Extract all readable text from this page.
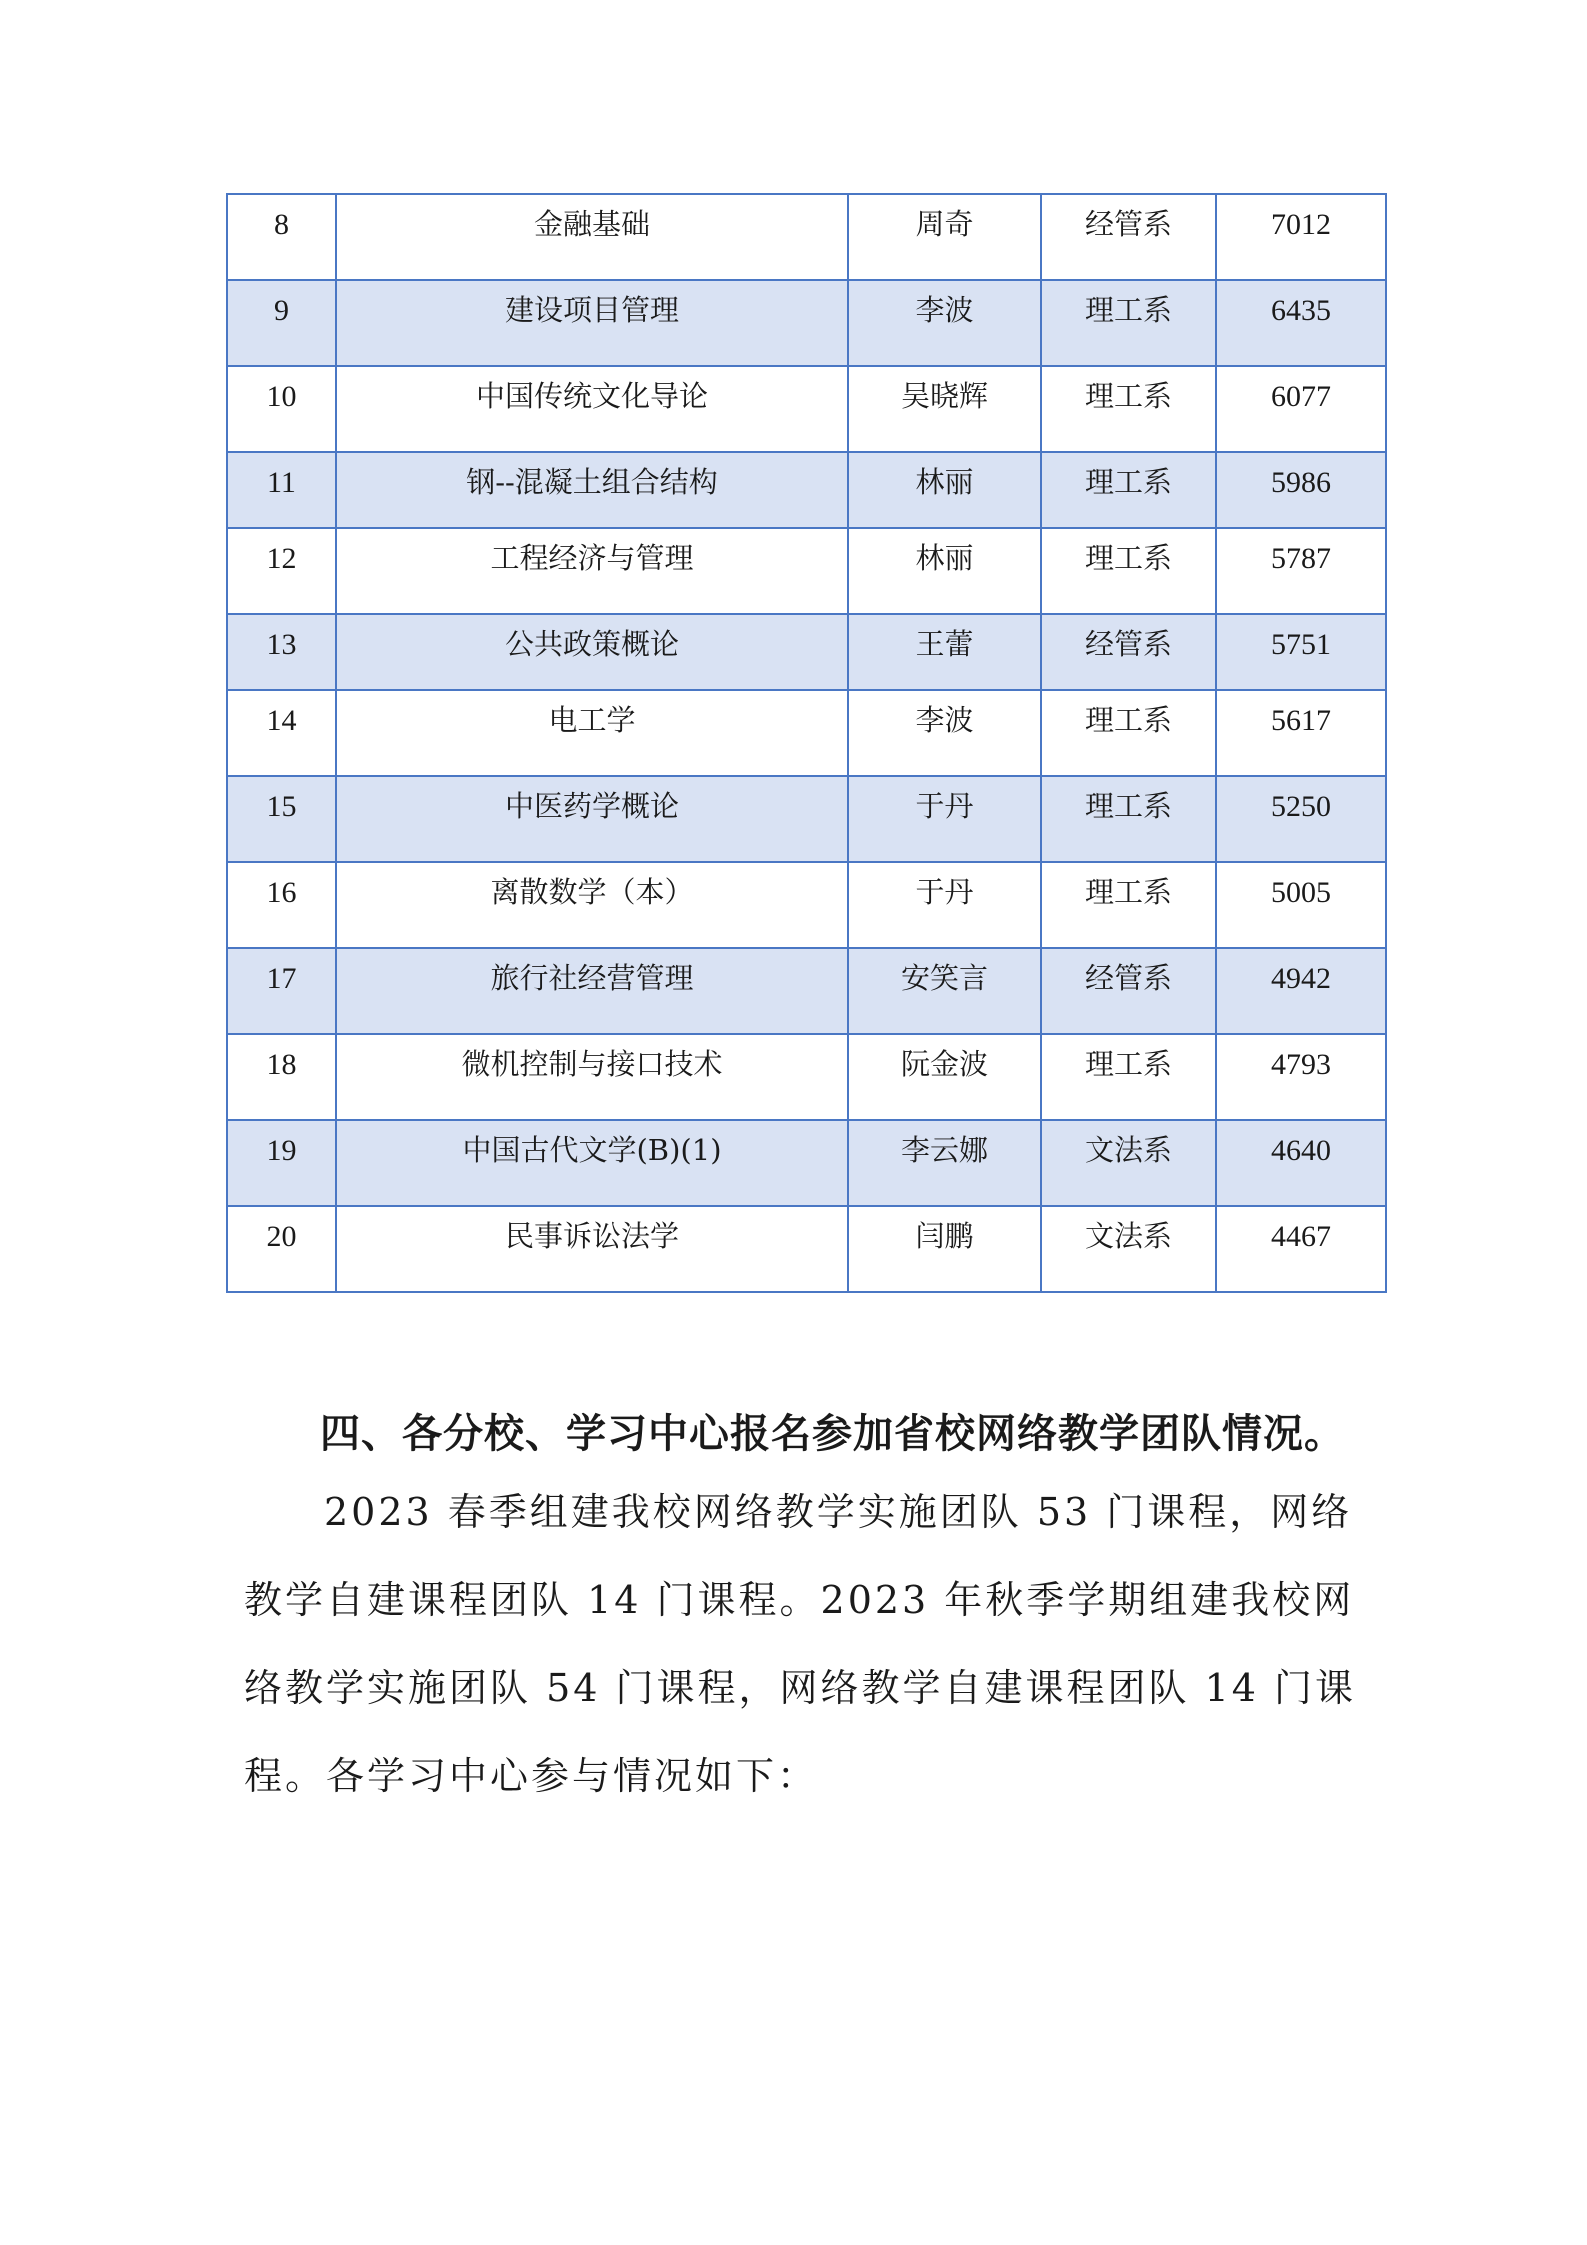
8	金融基础	周奇	经管系	7012
9	建设项目管理	李波	理工系	6435
10	中国传统文化导论	吴晓辉	理工系	6077
11	钢--混凝土组合结构	林丽	理工系	5986
12	工程经济与管理	林丽	理工系	5787
13	公共政策概论	王蕾	经管系	5751
14	电工学	李波	理工系	5617
15	中医药学概论	于丹	理工系	5250
16	离散数学（本）	于丹	理工系	5005
17	旅行社经营管理	安笑言	经管系	4942
18	微机控制与接口技术	阮金波	理工系	4793
19	中国古代文学(B)(1)	李云娜	文法系	4640
20	民事诉讼法学	闫鹏	文法系	4467
四、各分校、学习中心报名参加省校网络教学团队情况。
2023 春季组建我校网络教学实施团队 53 门课程，网络
教学自建课程团队 14 门课程。2023 年秋季学期组建我校网
络教学实施团队 54 门课程，网络教学自建课程团队 14 门课
程。各学习中心参与情况如下：
